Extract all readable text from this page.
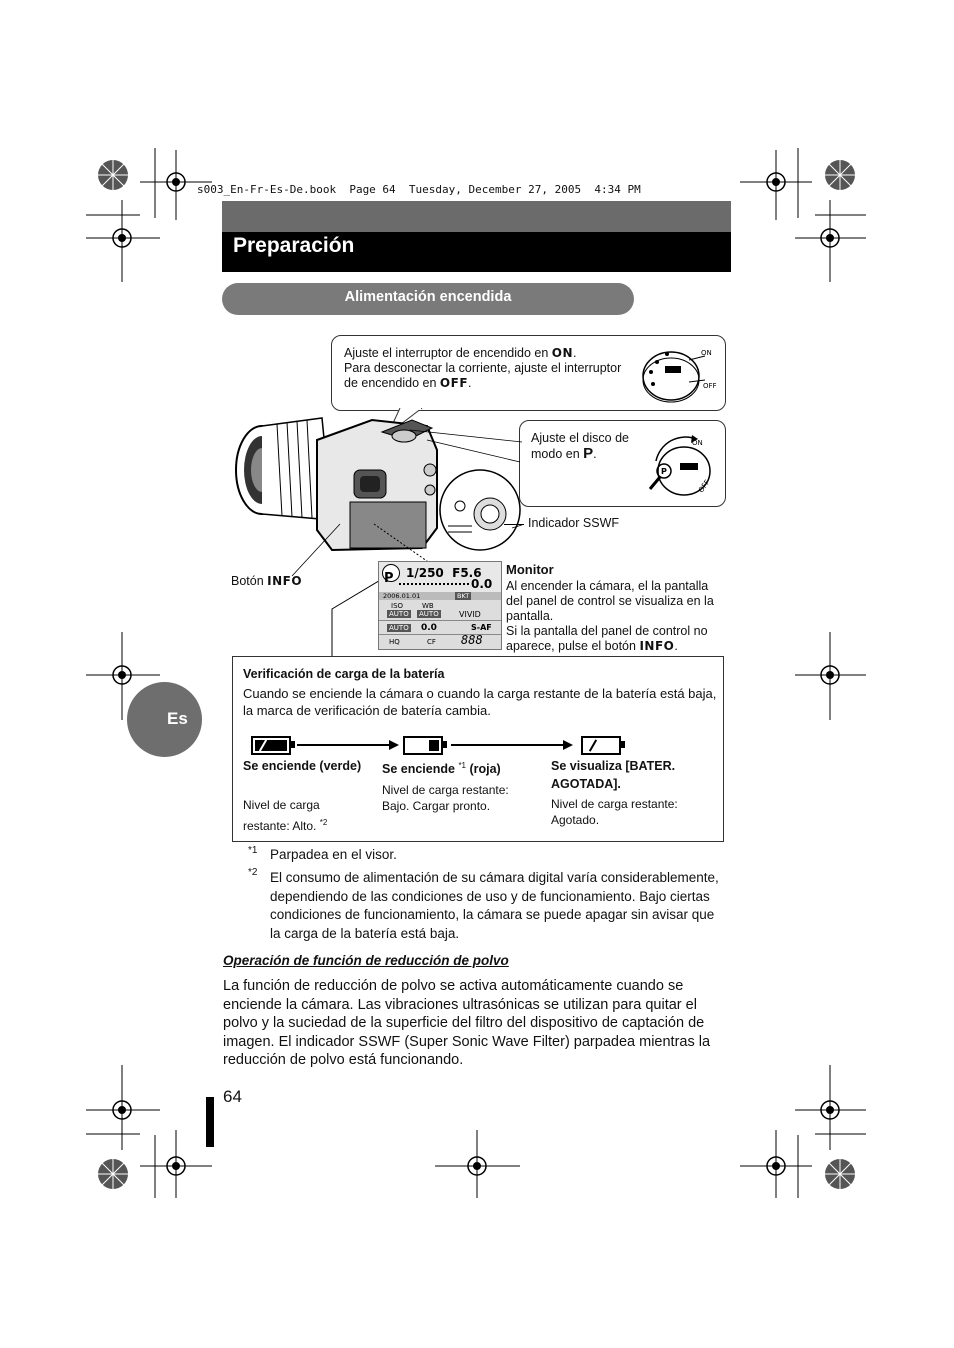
s003_En-Fr-Es-De.book  Page 64  Tuesday, December 27, 2005  4:34 PM
Preparación
Alimentación encendida
Ajuste el interruptor de encendido en ON.
Para desconectar la corriente, ajuste el interruptor de encendido en OFF.
ON
OFF
Ajuste el disco de modo en P.
P
ON
OFF
Indicador SSWF
Botón INFO	P 1/250  F5.6
0.0
2006.01.01	BKT
ISO
AUTO
WB
AUTO	VIVID
AUTO 0.0	S-AF
HQ	CF 888
Monitor
Al encender la cámara, el la pantalla del panel de control se visualiza en la pantalla.
Si la pantalla del panel de control no aparece, pulse el botón INFO.
Verificación de carga de la batería
Cuando se enciende la cámara o cuando la carga restante de la batería está baja, la marca de verificación de batería cambia.
Se enciende (verde)
Nivel de carga restante: Alto. $^{*2}$
Se enciende $^{*1}$ (roja)
Nivel de carga restante: Bajo. Cargar pronto.
Se visualiza [BATER. AGOTADA].
Nivel de carga restante: Agotado.
*1 Parpadea en el visor.
*2 El consumo de alimentación de su cámara digital varía considerablemente, dependiendo de las condiciones de uso y de funcionamiento. Bajo ciertas condiciones de funcionamiento, la cámara se puede apagar sin avisar que la carga de la batería está baja.
Operación de función de reducción de polvo
La función de reducción de polvo se activa automáticamente cuando se enciende la cámara. Las vibraciones ultrasónicas se utilizan para quitar el polvo y la suciedad de la superficie del filtro del dispositivo de captación de imagen. El indicador SSWF (Super Sonic Wave Filter) parpadea mientras la reducción de polvo está funcionando.
Es
64
